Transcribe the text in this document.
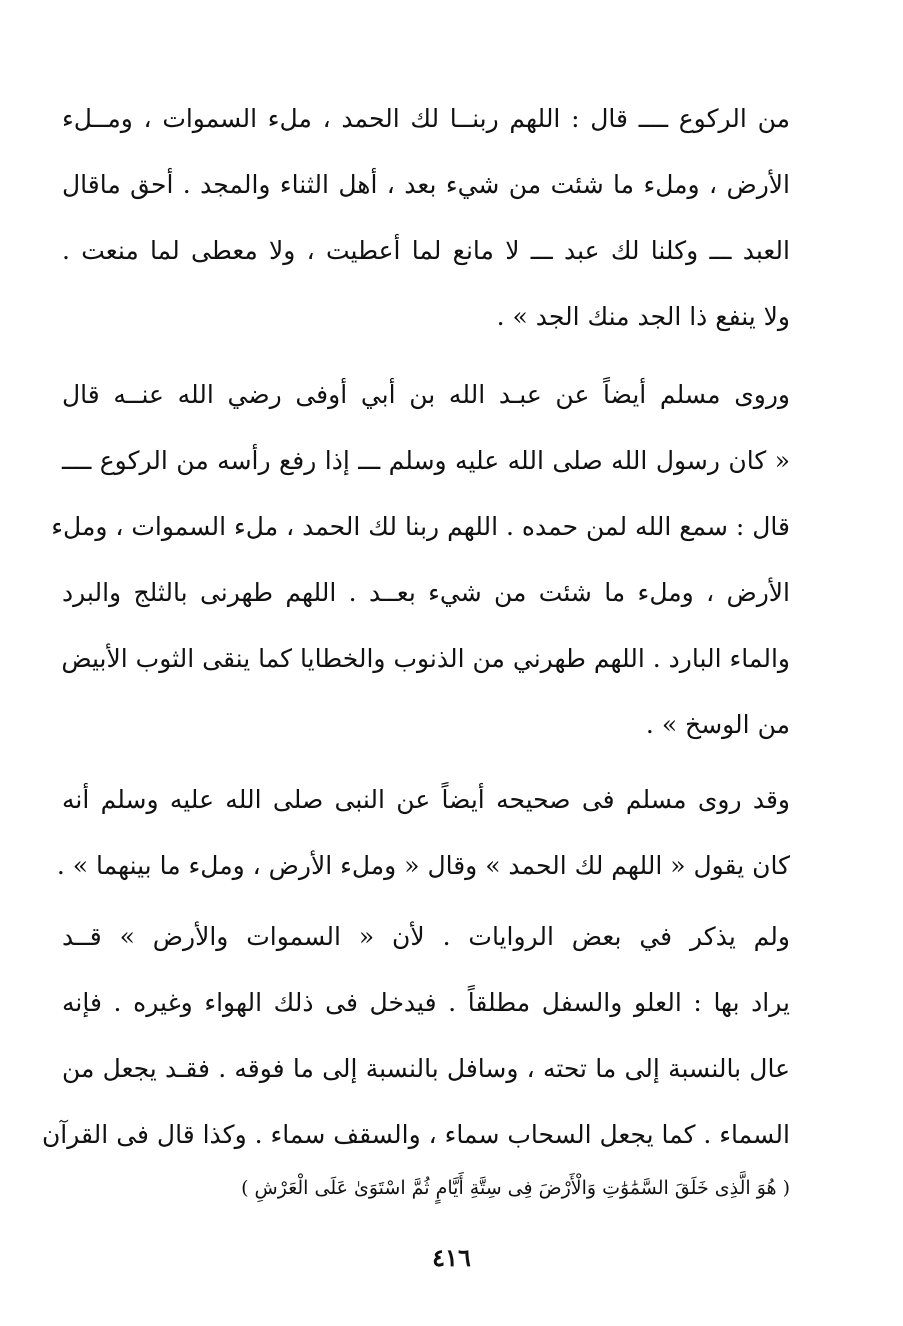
من الركوع ــــ قال : اللهم ربنــا لك الحمد ، ملء السموات ، ومــلء
الأرض ، وملء ما شئت من شيء بعد ، أهل الثناء والمجد . أحق ماقال
العبد ـــ وكلنا لك عبد ـــ لا مانع لما أعطيت ، ولا معطى لما منعت .
ولا ينفع ذا الجد منك الجد » .
وروى مسلم أيضاً عن عبـد الله بن أبي أوفى رضي الله عنــه قال
« كان رسول الله صلى الله عليه وسلم ـــ إذا رفع رأسه من الركوع ــــ
قال : سمع الله لمن حمده . اللهم ربنا لك الحمد ، ملء السموات ، وملء
الأرض ، وملء ما شئت من شيء بعــد . اللهم طهرنى بالثلج والبرد
والماء البارد . اللهم طهرني من الذنوب والخطايا كما ينقى الثوب الأبيض
من الوسخ » .
وقد روى مسلم فى صحيحه أيضاً عن النبى صلى الله عليه وسلم أنه
كان يقول « اللهم لك الحمد » وقال « وملء الأرض ، وملء ما بينهما » .
ولم يذكر في بعض الروايات . لأن « السموات والأرض » قــد
يراد بها : العلو والسفل مطلقاً . فيدخل فى ذلك الهواء وغيره . فإنه
عال بالنسبة إلى ما تحته ، وسافل بالنسبة إلى ما فوقه . فقـد يجعل من
السماء . كما يجعل السحاب سماء ، والسقف سماء . وكذا قال فى القرآن
( هُوَ الَّذِى خَلَقَ السَّمَٰوَٰتِ وَالْأَرْضَ فِى سِتَّةِ أَيَّامٍ ثُمَّ اسْتَوَىٰ عَلَى الْعَرْشِ )
٤١٦
